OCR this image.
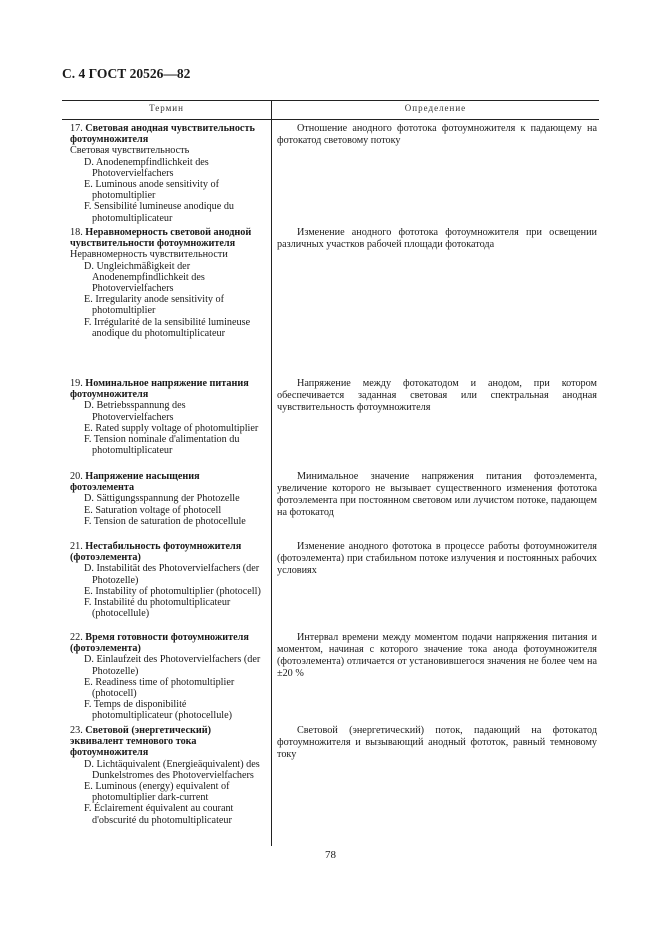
С. 4 ГОСТ 20526—82
Термин	Определение
17. Световая анодная чувствительность фотоумножителя
Световая чувствительность
D. Anodenempfindlichkeit des Photovervielfachers
E. Luminous anode sensitivity of photomultiplier
F. Sensibilité lumineuse anodique du photomultiplicateur
Отношение анодного фототока фотоумножителя к падающему на фотокатод световому потоку
18. Неравномерность световой анодной чувствительности фотоумножителя
Неравномерность чувствительности
D. Ungleichmäßigkeit der Anodenempfindlichkeit des Photovervielfachers
E. Irregularity anode sensitivity of photomultiplier
F. Irrégularité de la sensibilité lumineuse anodique du photomultiplicateur
Изменение анодного фототока фотоумножителя при освещении различных участков рабочей площади фотокатода
19. Номинальное напряжение питания фотоумножителя
D. Betriebsspannung des Photovervielfachers
E. Rated supply voltage of photomultiplier
F. Tension nominale d'alimentation du photomultiplicateur
Напряжение между фотокатодом и анодом, при котором обеспечивается заданная световая или спектральная анодная чувствительность фотоумножителя
20. Напряжение насыщения фотоэлемента
D. Sättigungsspannung der Photozelle
E. Saturation voltage of photocell
F. Tension de saturation de photocellule
Минимальное значение напряжения питания фотоэлемента, увеличение которого не вызывает существенного изменения фототока фотоэлемента при постоянном световом или лучистом потоке, падающем на фотокатод
21. Нестабильность фотоумножителя (фотоэлемента)
D. Instabilität des Photovervielfachers (der Photozelle)
E. Instability of photomultiplier (photocell)
F. Instabilité du photomultiplicateur (photocellule)
Изменение анодного фототока в процессе работы фотоумножителя (фотоэлемента) при стабильном потоке излучения и постоянных рабочих условиях
22. Время готовности фотоумножителя (фотоэлемента)
D. Einlaufzeit des Photovervielfachers (der Photozelle)
E. Readiness time of photomultiplier (photocell)
F. Temps de disponibilité photomultiplicateur (photocellule)
Интервал времени между моментом подачи напряжения питания и моментом, начиная с которого значение тока анода фотоумножителя (фотоэлемента) отличается от установившегося значения не более чем на ±20 %
23. Световой (энергетический) эквивалент темнового тока фотоумножителя
D. Lichtäquivalent (Energieäquivalent) des Dunkelstromes des Photovervielfachers
E. Luminous (energy) equivalent of photomultiplier dark-current
F. Éclairement équivalent au courant d'obscurité du photomultiplicateur
Световой (энергетический) поток, падающий на фотокатод фотоумножителя и вызывающий анодный фототок, равный темновому току
78
